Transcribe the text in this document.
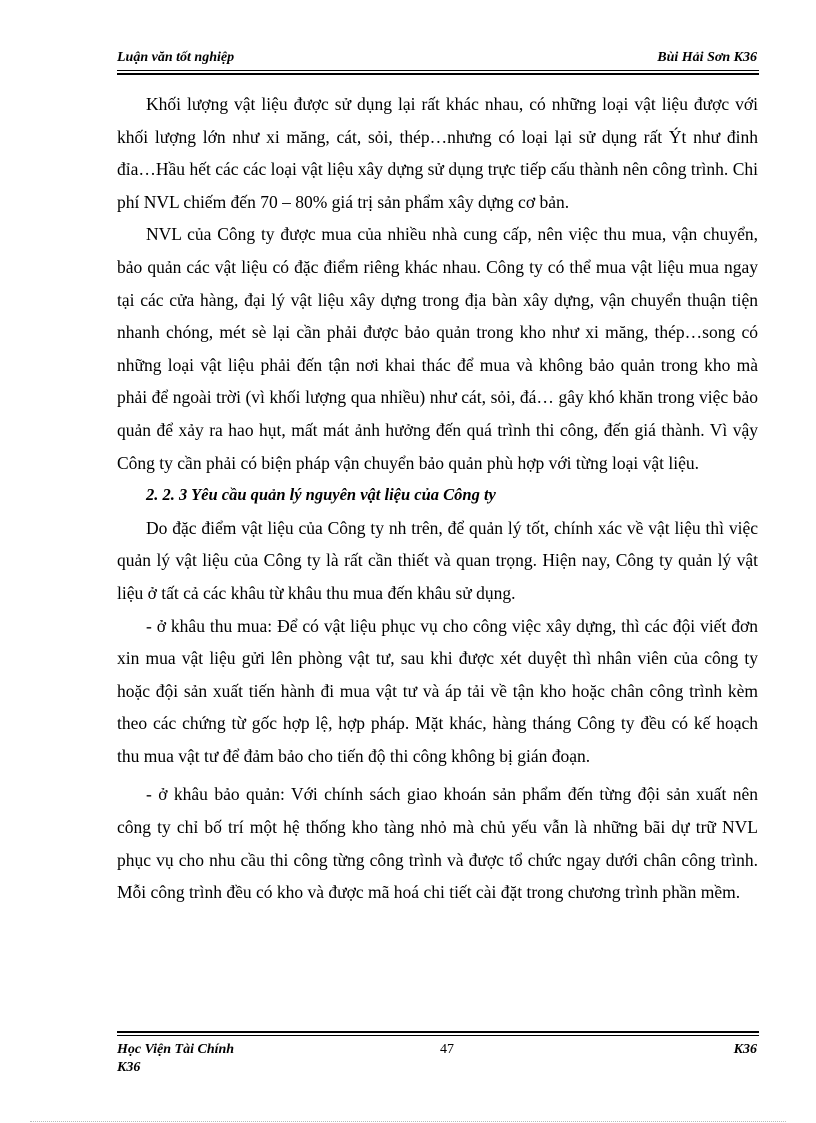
Luận văn tốt nghiệp	Bùi Hải Sơn K36

Khối lượng vật liệu được sử dụng lại rất khác nhau, có những loại vật liệu được với khối lượng lớn như xi măng, cát, sỏi, thép…nhưng có loại lại sử dụng rất Ýt như đinh đỉa…Hầu hết các các loại vật liệu xây dựng sử dụng trực tiếp cấu thành nên công trình. Chi phí NVL chiếm đến 70 – 80% giá trị sản phẩm xây dựng cơ bản.

NVL của Công ty được mua của nhiều nhà cung cấp, nên việc thu mua, vận chuyển, bảo quản các vật liệu có đặc điểm riêng khác nhau. Công ty có thể mua vật liệu mua ngay tại các cửa hàng, đại lý vật liệu xây dựng trong địa bàn xây dựng, vận chuyển thuận tiện nhanh chóng, mét sè lại cần phải được bảo quản trong kho như xi măng, thép…song có những loại vật liệu phải đến tận nơi khai thác để mua và không bảo quản trong kho mà phải để ngoài trời (vì khối lượng qua nhiều) như cát, sỏi, đá… gây khó khăn trong việc bảo quản để xảy ra hao hụt, mất mát ảnh hưởng đến quá trình thi công, đến giá thành. Vì vậy Công ty cần phải có biện pháp vận chuyển bảo quản phù hợp với từng loại vật liệu.

2. 2. 3 Yêu cầu quản lý nguyên vật liệu của Công ty

Do đặc điểm vật liệu của Công ty nh trên, để quản lý tốt, chính xác về vật liệu thì việc quản lý vật liệu của Công ty là rất cần thiết và quan trọng. Hiện nay, Công ty quản lý vật liệu ở tất cả các khâu từ khâu thu mua đến khâu sử dụng.

- ở khâu thu mua: Để có vật liệu phục vụ cho công việc xây dựng, thì các đội viết đơn xin mua vật liệu gửi lên phòng vật tư, sau khi được xét duyệt thì nhân viên của công ty hoặc đội sản xuất tiến hành đi mua vật tư và áp tải về tận kho hoặc chân công trình kèm theo các chứng từ gốc hợp lệ, hợp pháp. Mặt khác, hàng tháng Công ty đều có kế hoạch thu mua vật tư để đảm bảo cho tiến độ thi công không bị gián đoạn.

- ở khâu bảo quản: Với chính sách giao khoán sản phẩm đến từng đội sản xuất nên công ty chỉ bố trí một hệ thống kho tàng nhỏ mà chủ yếu vẫn là những bãi dự trữ NVL phục vụ cho nhu cầu thi công từng công trình và được tổ chức ngay dưới chân công trình. Mỗi công trình đều có kho và được mã hoá chi tiết cài đặt trong chương trình phần mềm.

Học Viện Tài Chính
K36
47	K36
